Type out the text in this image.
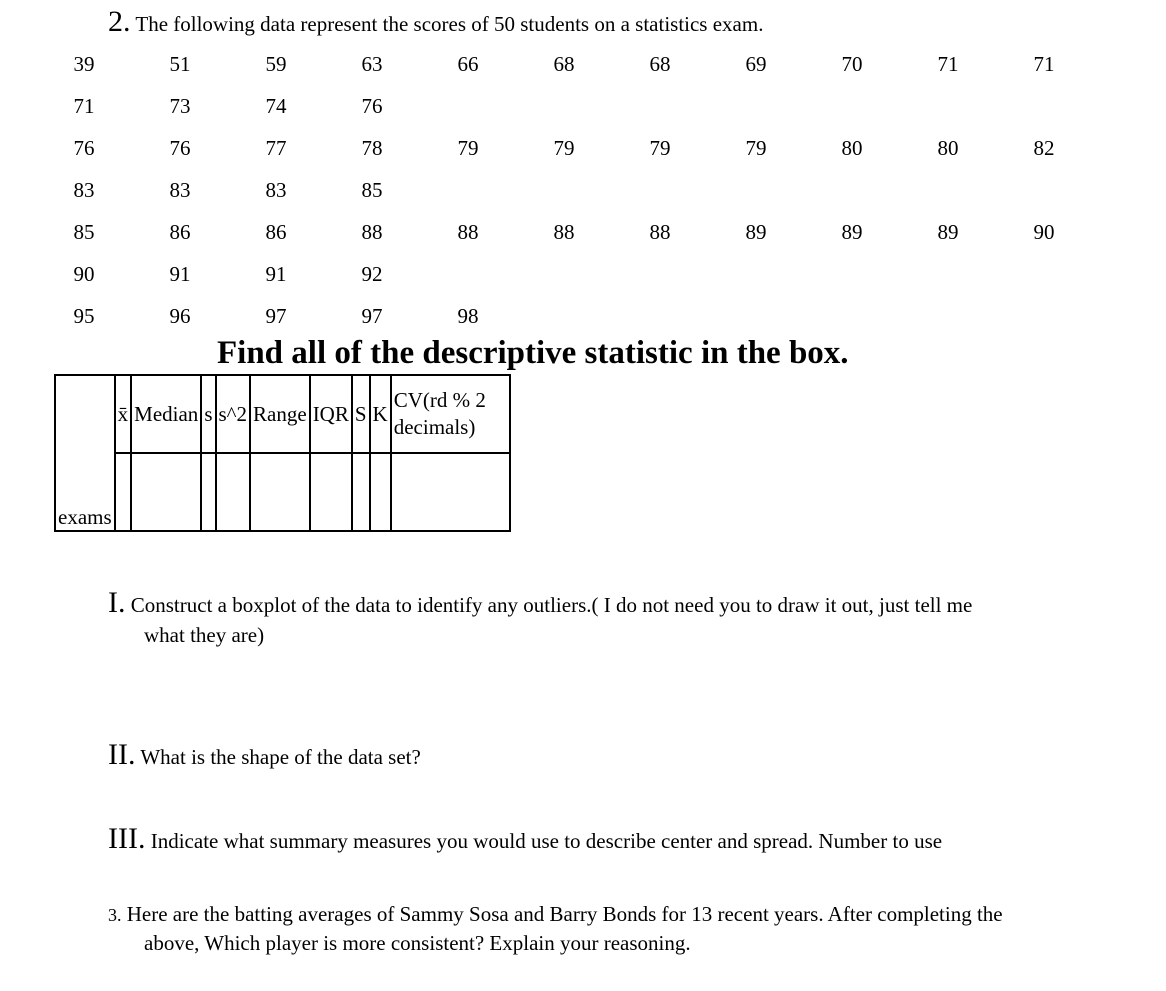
2. The following data represent the scores of 50 students on a statistics exam.
39	51	59	63	66	68	68	69	70	71	71
71	73	74	76
76	76	77	78	79	79	79	79	80	80	82
83	83	83	85
85	86	86	88	88	88	88	89	89	89	90
90	91	91	92
95	96	97	97	98
Find all of the descriptive statistic in the box.
exams	x̄	Median	s	s^2	Range	IQR	S	K	CV(rd % 2
decimals)

I. Construct a boxplot of the data to identify any outliers.( I do not need you to draw it out, just tell me
what they are)
II. What is the shape of the data set?
III. Indicate what summary measures you would use to describe center and spread. Number to use
3. Here are the batting averages of Sammy Sosa and Barry Bonds for 13 recent years. After completing the
above, Which player is more consistent? Explain your reasoning.
